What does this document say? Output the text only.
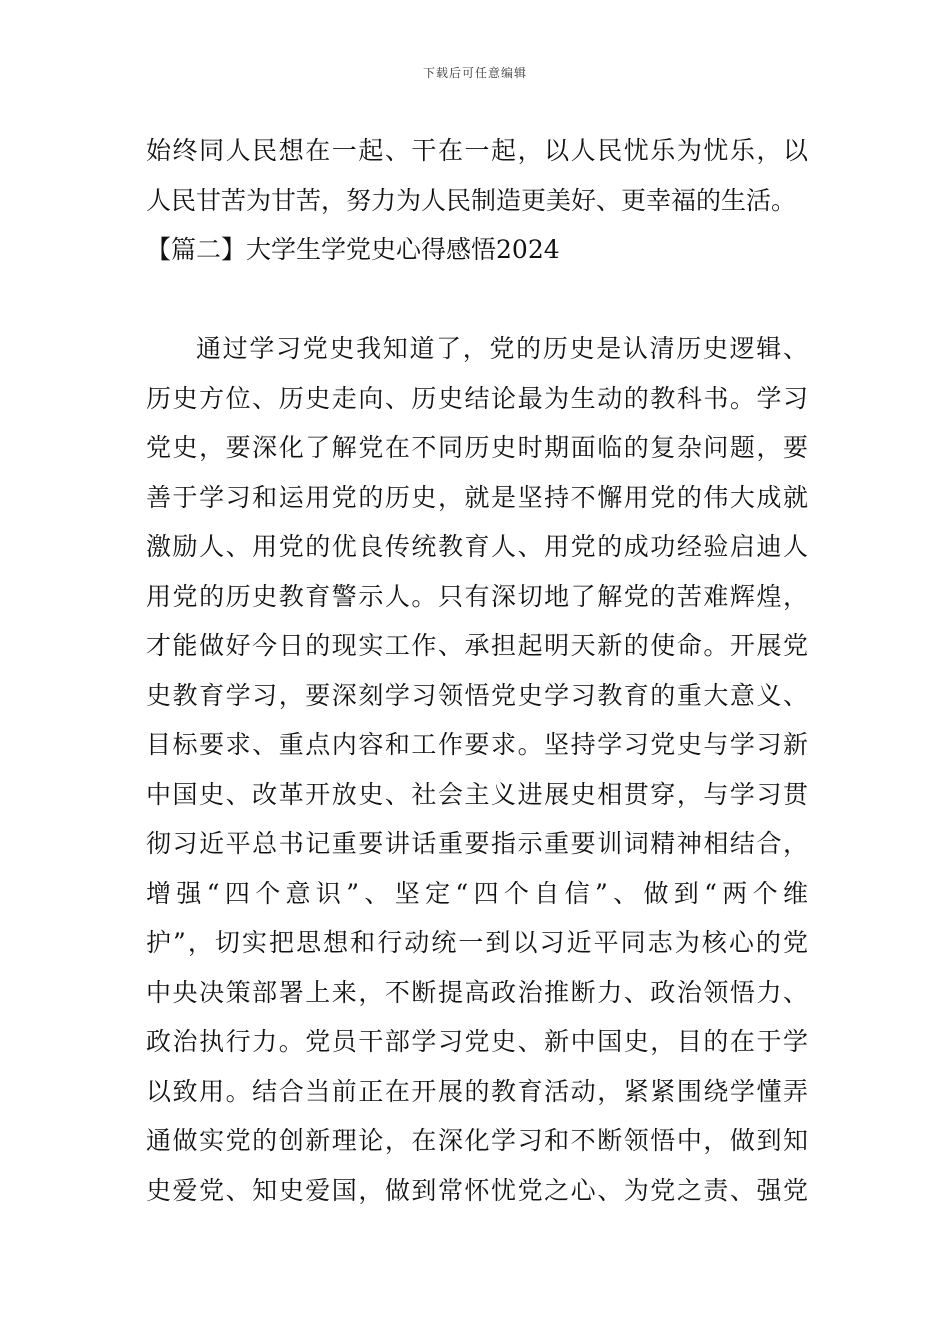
下载后可任意编辑
始终同人民想在一起、干在一起，以人民忧乐为忧乐，以
人民甘苦为甘苦，努力为人民制造更美好、更幸福的生活。
【篇二】大学生学党史心得感悟2024
通过学习党史我知道了，党的历史是认清历史逻辑、
历史方位、历史走向、历史结论最为生动的教科书。学习
党史，要深化了解党在不同历史时期面临的复杂问题，要
善于学习和运用党的历史，就是坚持不懈用党的伟大成就
激励人、用党的优良传统教育人、用党的成功经验启迪人
用党的历史教育警示人。只有深切地了解党的苦难辉煌，
才能做好今日的现实工作、承担起明天新的使命。开展党
史教育学习，要深刻学习领悟党史学习教育的重大意义、
目标要求、重点内容和工作要求。坚持学习党史与学习新
中国史、改革开放史、社会主义进展史相贯穿，与学习贯
彻习近平总书记重要讲话重要指示重要训词精神相结合，
增强“四个意识”、坚定“四个自信”、做到“两个维
护”，切实把思想和行动统一到以习近平同志为核心的党
中央决策部署上来，不断提高政治推断力、政治领悟力、
政治执行力。党员干部学习党史、新中国史，目的在于学
以致用。结合当前正在开展的教育活动，紧紧围绕学懂弄
通做实党的创新理论，在深化学习和不断领悟中，做到知
史爱党、知史爱国，做到常怀忧党之心、为党之责、强党
